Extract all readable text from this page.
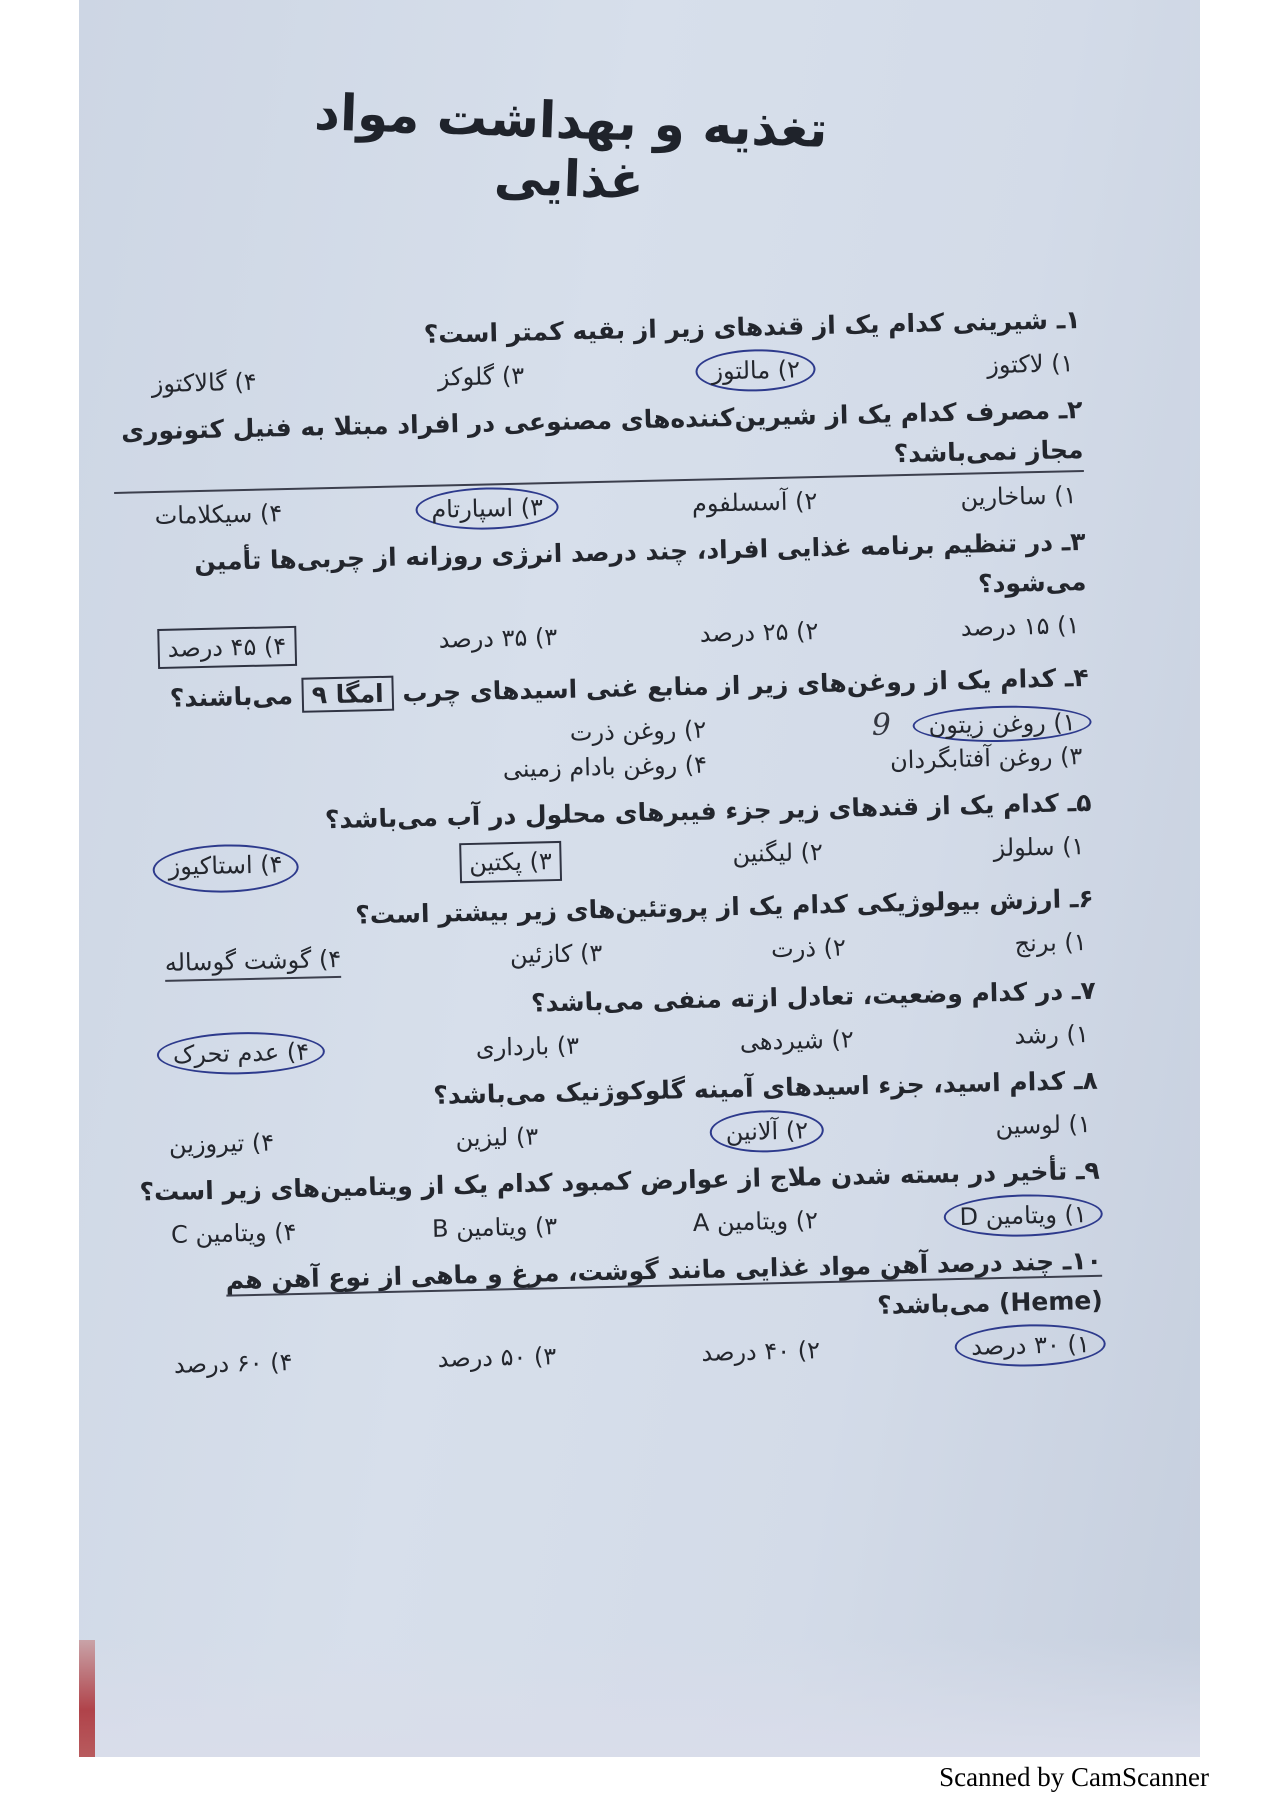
تغذیه و بهداشت مواد غذایی

۱ـ شیرینی کدام یک از قندهای زیر از بقیه کمتر است؟

۱) لاکتوز
۲) مالتوز
۳) گلوکز
۴) گالاکتوز

۲ـ مصرف کدام یک از شیرین‌کننده‌های مصنوعی در افراد مبتلا به فنیل کتونوری مجاز نمی‌باشد؟

۱) ساخارین
۲) آسسلفوم
۳) اسپارتام
۴) سیکلامات

۳ـ در تنظیم برنامه غذایی افراد، چند درصد انرژی روزانه از چربی‌ها تأمین می‌شود؟

۱) ۱۵ درصد
۲) ۲۵ درصد
۳) ۳۵ درصد
۴) ۴۵ درصد

۴ـ کدام یک از روغن‌های زیر از منابع غنی اسیدهای چرب امگا ۹ می‌باشند؟

۱) روغن زیتون 9
۲) روغن ذرت
۳) روغن آفتابگردان
۴) روغن بادام زمینی

۵ـ کدام یک از قندهای زیر جزء فیبرهای محلول در آب می‌باشد؟

۱) سلولز
۲) لیگنین
۳) پکتین
۴) استاکیوز

۶ـ ارزش بیولوژیکی کدام یک از پروتئین‌های زیر بیشتر است؟

۱) برنج
۲) ذرت
۳) کازئین
۴) گوشت گوساله

۷ـ در کدام وضعیت، تعادل ازته منفی می‌باشد؟

۱) رشد
۲) شیردهی
۳) بارداری
۴) عدم تحرک

۸ـ کدام اسید، جزء اسیدهای آمینه گلوکوژنیک می‌باشد؟

۱) لوسین
۲) آلانین
۳) لیزین
۴) تیروزین

۹ـ تأخیر در بسته شدن ملاج از عوارض کمبود کدام یک از ویتامین‌های زیر است؟

۱) ویتامین D
۲) ویتامین A
۳) ویتامین B
۴) ویتامین C

۱۰ـ چند درصد آهن مواد غذایی مانند گوشت، مرغ و ماهی از نوع آهن هم (Heme) می‌باشد؟

۱) ۳۰ درصد
۲) ۴۰ درصد
۳) ۵۰ درصد
۴) ۶۰ درصد
Scanned by CamScanner
